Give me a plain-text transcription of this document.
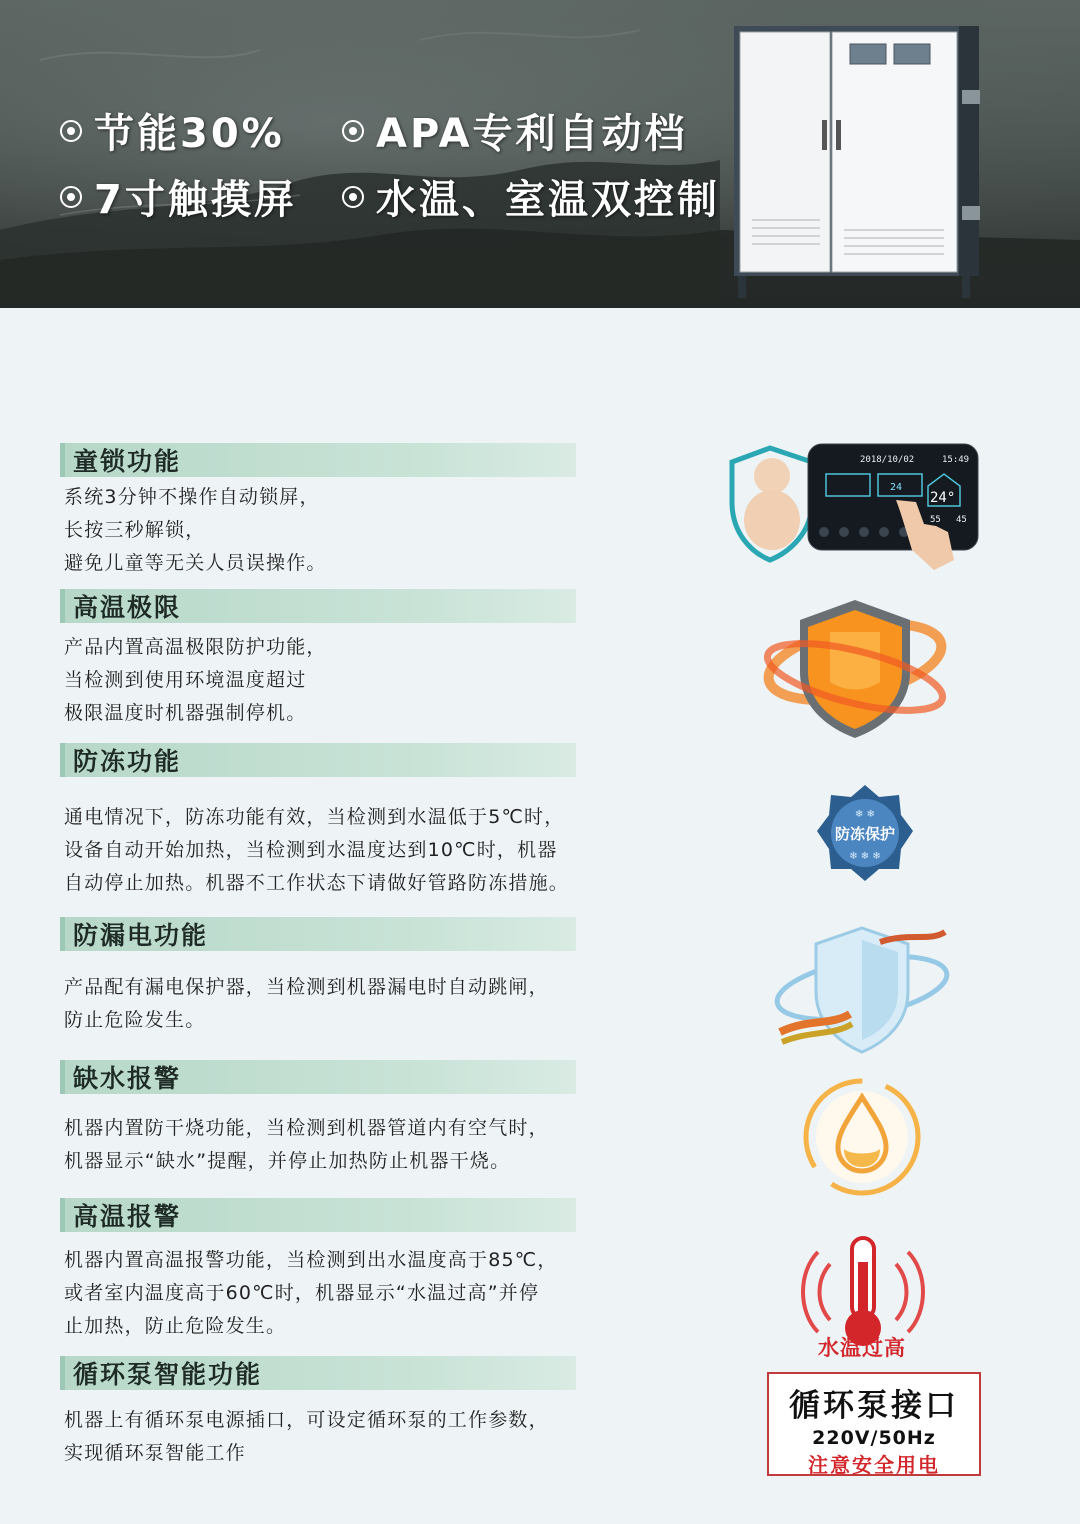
节能30% APA专利自动档
7寸触摸屏 水温、室温双控制
童锁功能

系统3分钟不操作自动锁屏，

长按三秒解锁，

避免儿童等无关人员误操作。

高温极限

产品内置高温极限防护功能，

当检测到使用环境温度超过

极限温度时机器强制停机。

防冻功能

通电情况下，防冻功能有效，当检测到水温低于5℃时，

设备自动开始加热，当检测到水温度达到10℃时，机器

自动停止加热。机器不工作状态下请做好管路防冻措施。

防漏电功能

产品配有漏电保护器，当检测到机器漏电时自动跳闸，

防止危险发生。

缺水报警

机器内置防干烧功能，当检测到机器管道内有空气时，

机器显示“缺水”提醒，并停止加热防止机器干烧。

高温报警

机器内置高温报警功能，当检测到出水温度高于85℃，

或者室内温度高于60℃时，机器显示“水温过高”并停

止加热，防止危险发生。

循环泵智能功能

机器上有循环泵电源插口，可设定循环泵的工作参数，

实现循环泵智能工作

2018/10/02	15:49
24
24°
55 45
防冻保护
❄ ❄
❄ ❄ ❄
水温过高
循环泵接口
220V/50Hz
注意安全用电
